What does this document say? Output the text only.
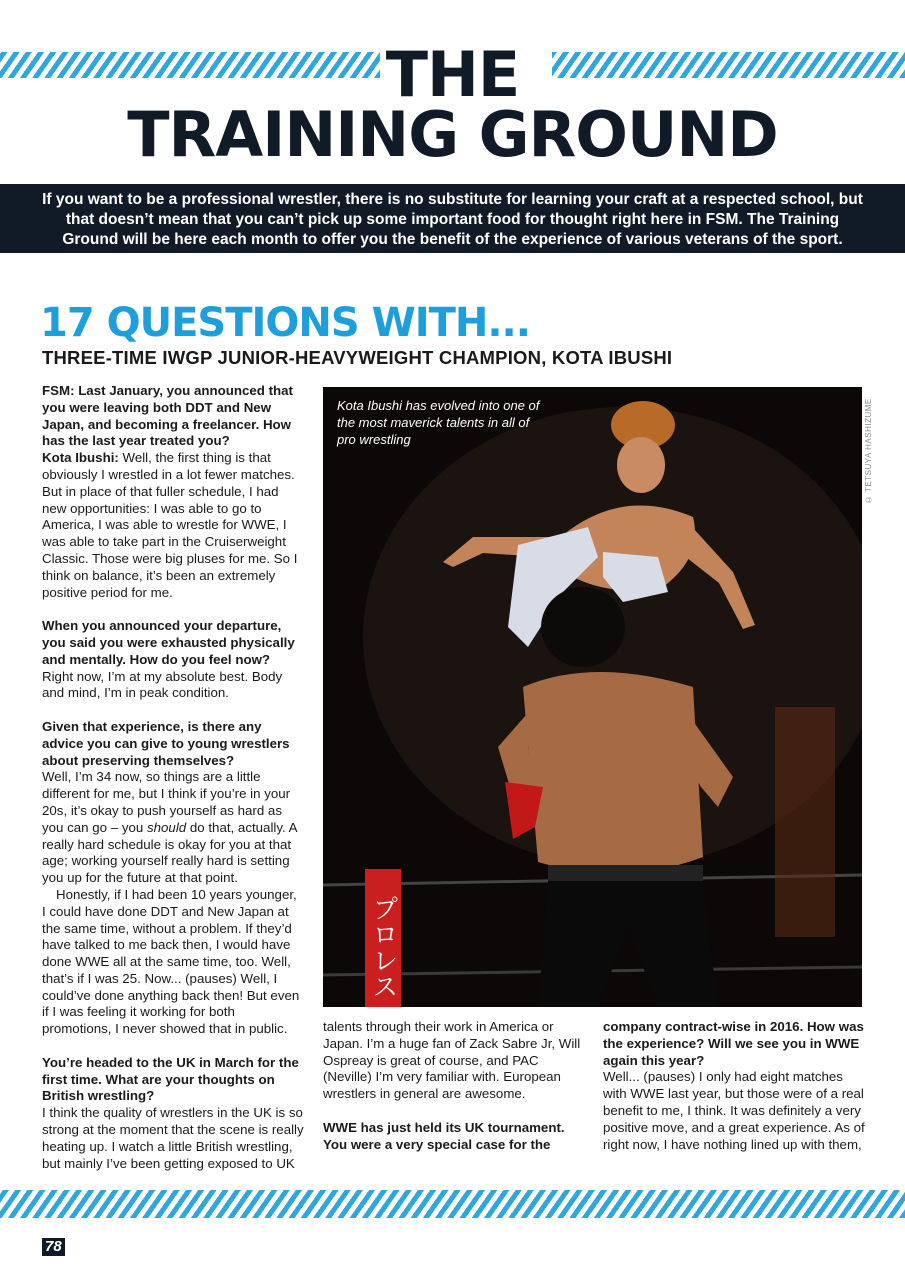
THE
TRAINING GROUND
If you want to be a professional wrestler, there is no substitute for learning your craft at a respected school, but that doesn’t mean that you can’t pick up some important food for thought right here in FSM. The Training Ground will be here each month to offer you the benefit of the experience of various veterans of the sport.
17 QUESTIONS WITH...
THREE-TIME IWGP JUNIOR-HEAVYWEIGHT CHAMPION, KOTA IBUSHI

FSM: Last January, you announced that you were leaving both DDT and New Japan, and becoming a freelancer. How has the last year treated you?
Kota Ibushi: Well, the first thing is that obviously I wrestled in a lot fewer matches. But in place of that fuller schedule, I had new opportunities: I was able to go to America, I was able to wrestle for WWE, I was able to take part in the Cruiserweight Classic. Those were big pluses for me. So I think on balance, it’s been an extremely positive period for me.

When you announced your departure, you said you were exhausted physically and mentally. How do you feel now?
Right now, I’m at my absolute best. Body and mind, I’m in peak condition.

Given that experience, is there any advice you can give to young wrestlers about preserving themselves?
Well, I’m 34 now, so things are a little different for me, but I think if you’re in your 20s, it’s okay to push yourself as hard as you can go – you should do that, actually. A really hard schedule is okay for you at that age; working yourself really hard is setting you up for the future at that point.

Honestly, if I had been 10 years younger, I could have done DDT and New Japan at the same time, without a problem. If they’d have talked to me back then, I would have done WWE all at the same time, too. Well, that’s if I was 25. Now... (pauses) Well, I could’ve done anything back then! But even if I was feeling it working for both promotions, I never showed that in public.

You’re headed to the UK in March for the first time. What are your thoughts on British wrestling?
I think the quality of wrestlers in the UK is so strong at the moment that the scene is really heating up. I watch a little British wrestling, but mainly I’ve been getting exposed to UK

プロレス

Kota Ibushi has evolved into one of the most maverick talents in all of pro wrestling	© TETSUYA HASHIZUME

talents through their work in America or Japan. I’m a huge fan of Zack Sabre Jr, Will Ospreay is great of course, and PAC (Neville) I’m very familiar with. European wrestlers in general are awesome.

WWE has just held its UK tournament. You were a very special case for the

company contract-wise in 2016. How was the experience? Will we see you in WWE again this year?
Well... (pauses) I only had eight matches with WWE last year, but those were of a real benefit to me, I think. It was definitely a very positive move, and a great experience. As of right now, I have nothing lined up with them,

78
